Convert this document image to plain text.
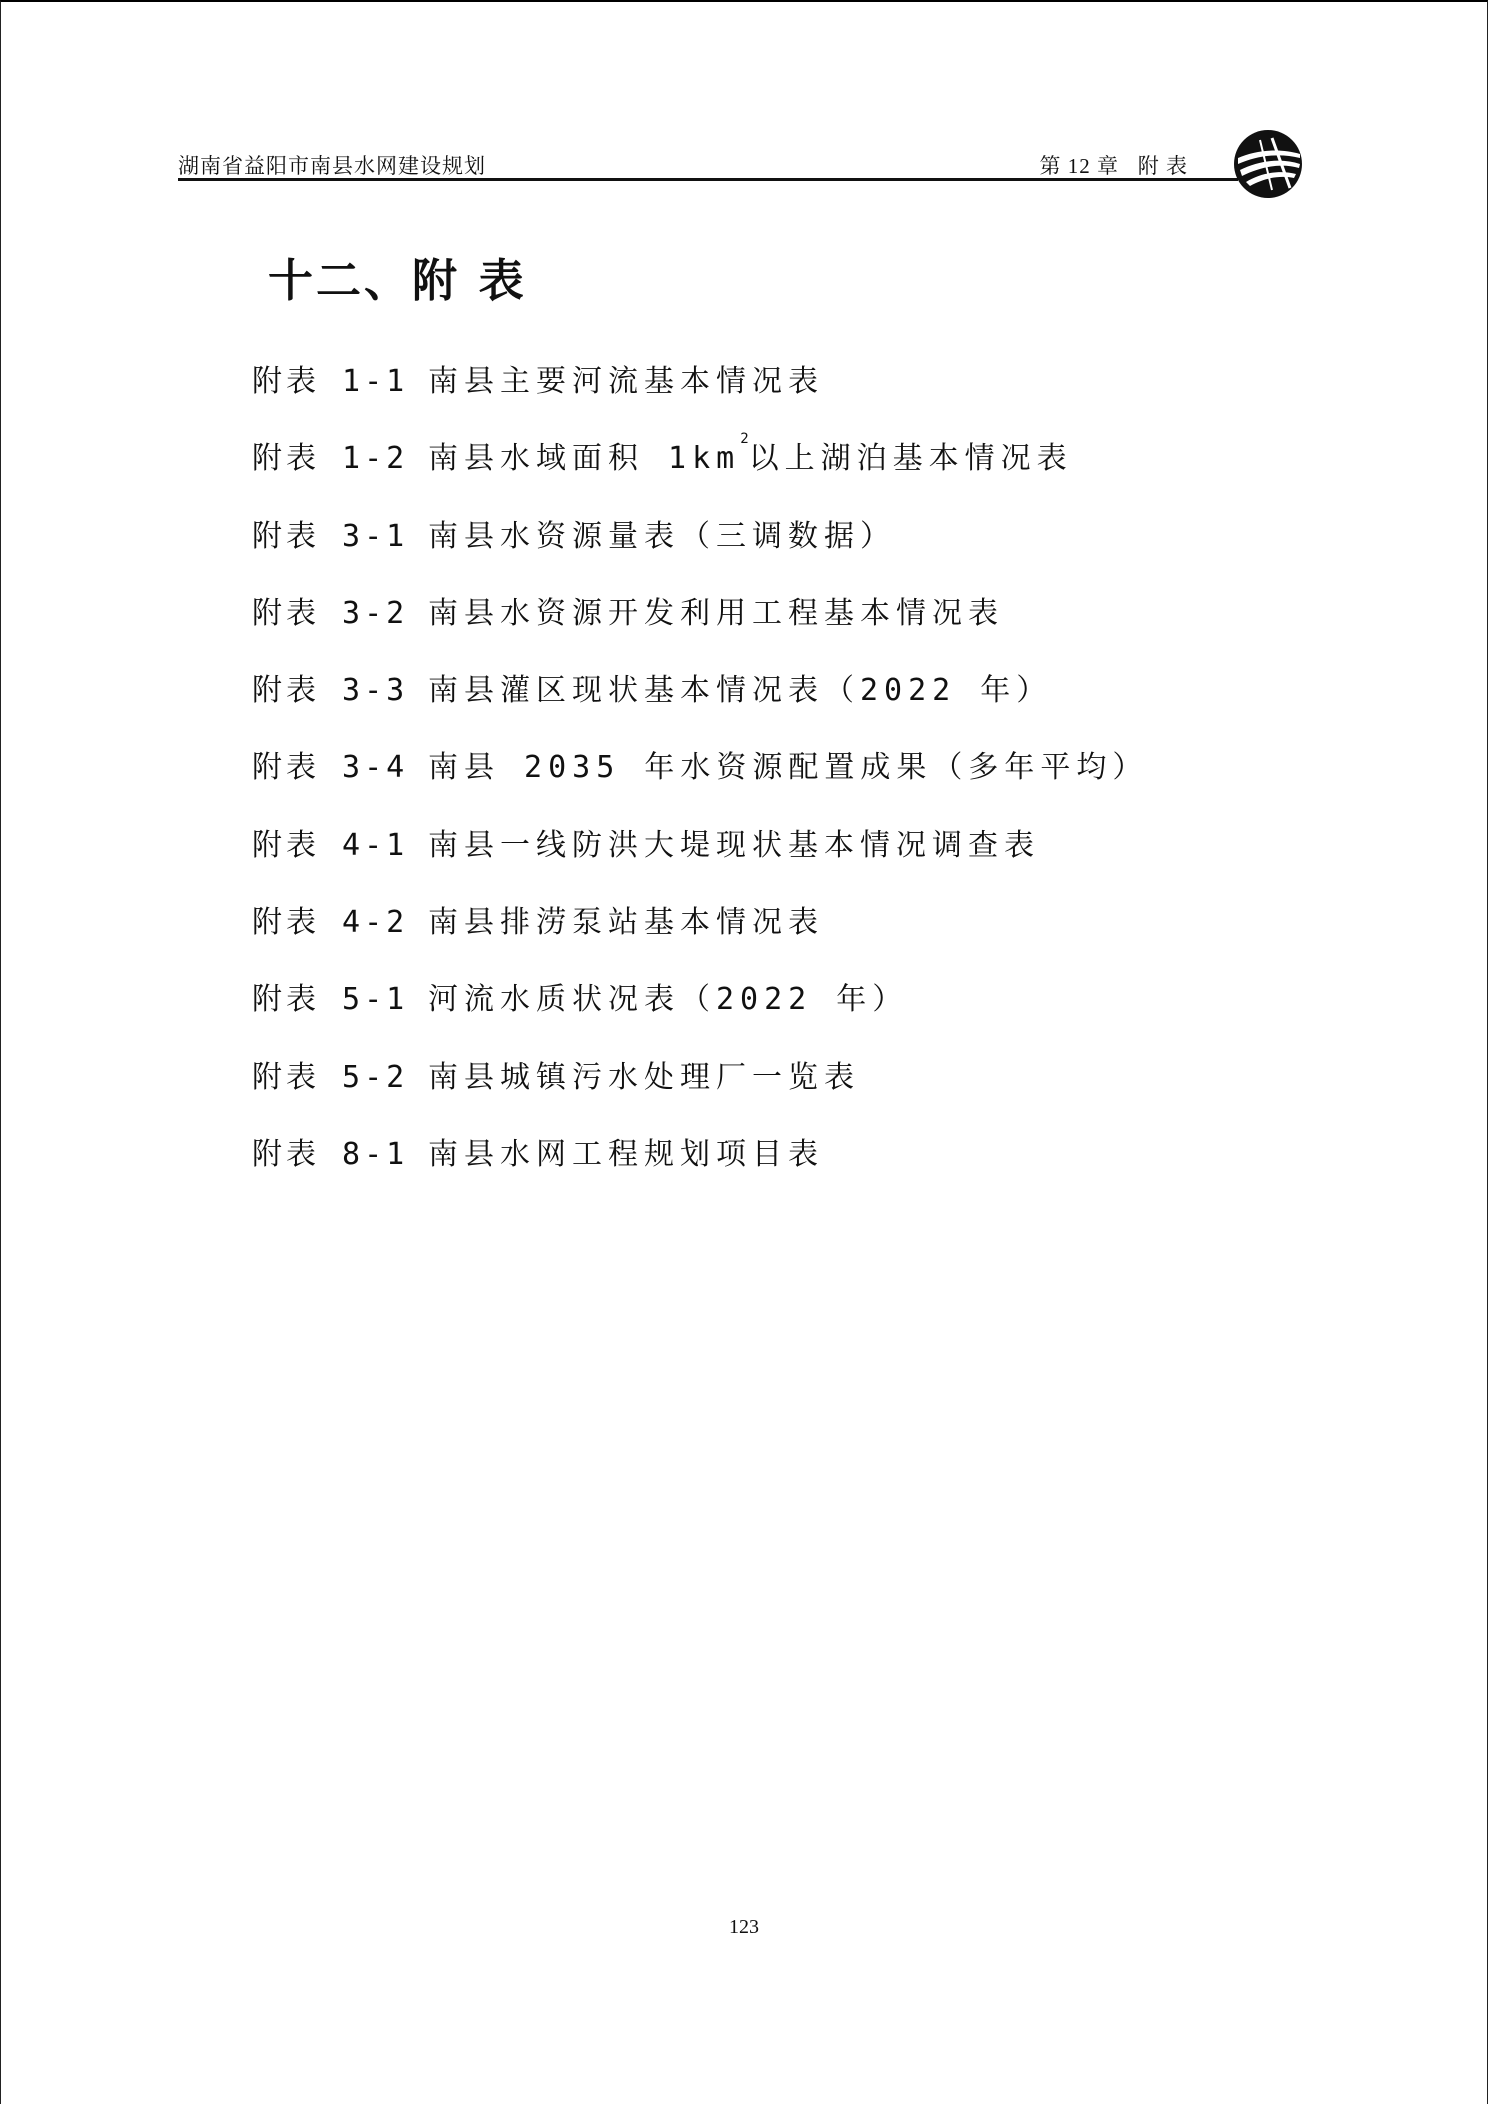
湖南省益阳市南县水网建设规划	第 12 章   附 表
十二、附 表
附表 1-1 南县主要河流基本情况表
附表 1-2 南县水域面积 $1km^2$以上湖泊基本情况表
附表 3-1 南县水资源量表（三调数据）
附表 3-2 南县水资源开发利用工程基本情况表
附表 3-3 南县灌区现状基本情况表（2022 年）
附表 3-4 南县 2035 年水资源配置成果（多年平均）
附表 4-1 南县一线防洪大堤现状基本情况调查表
附表 4-2 南县排涝泵站基本情况表
附表 5-1 河流水质状况表（2022 年）
附表 5-2 南县城镇污水处理厂一览表
附表 8-1 南县水网工程规划项目表
123
